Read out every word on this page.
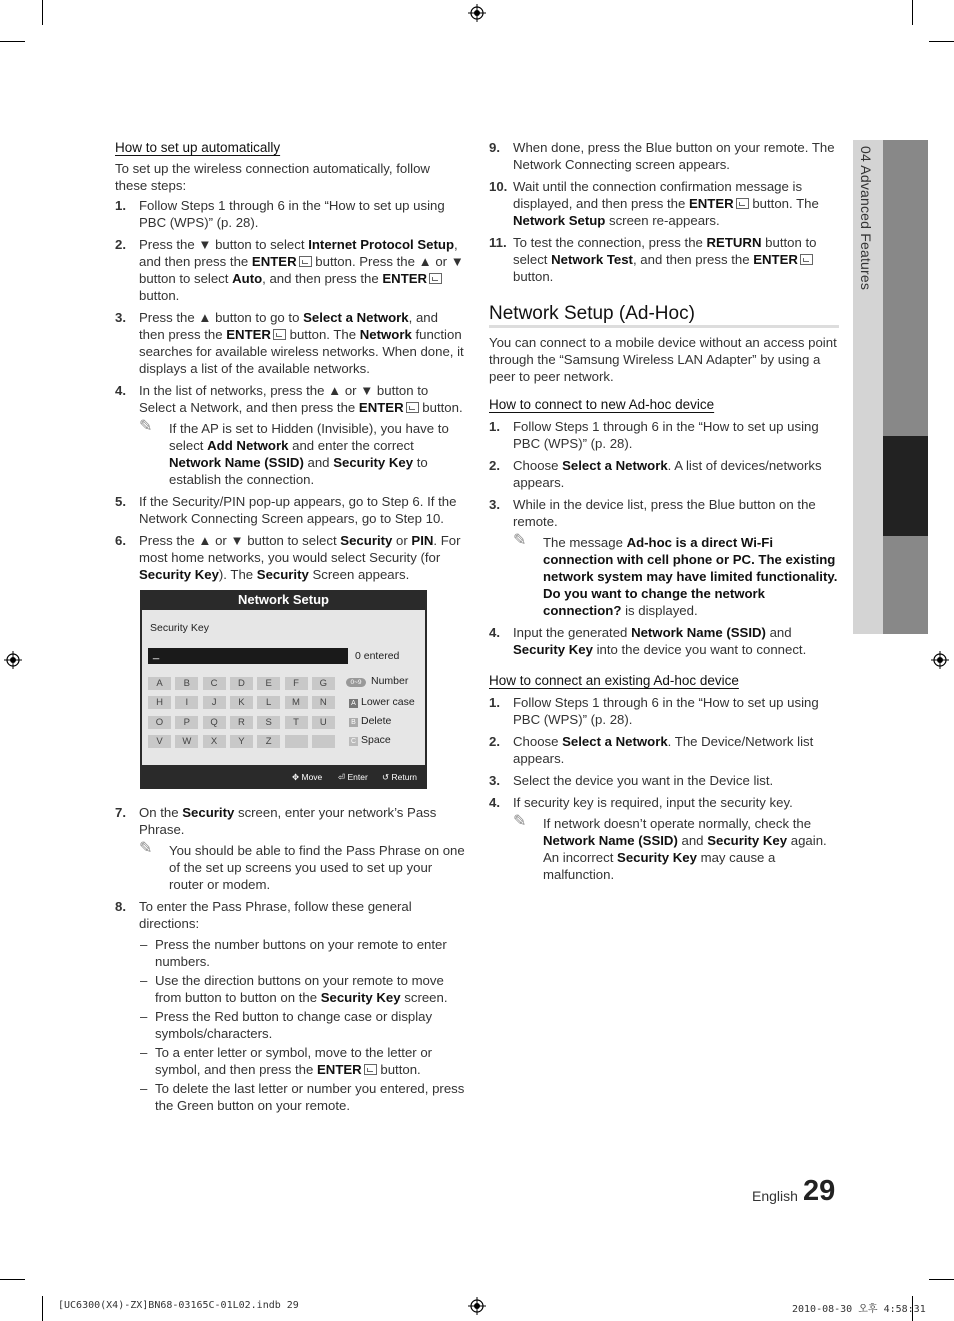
04 Advanced Features

How to set up automatically

To set up the wireless connection automatically, follow these steps:

1. Follow Steps 1 through 6 in the “How to set up using PBC (WPS)” (p. 28).
2. Press the ▼ button to select Internet Protocol Setup, and then press the ENTER button. Press the ▲ or ▼ button to select Auto, and then press the ENTER button.
3. Press the ▲ button to go to Select a Network, and then press the ENTER button. The Network function searches for available wireless networks. When done, it displays a list of the available networks.
4. In the list of networks, press the ▲ or ▼ button to Select a Network, and then press the ENTER button.
✎ If the AP is set to Hidden (Invisible), you have to select Add Network and enter the correct Network Name (SSID) and Security Key to establish the connection.
5. If the Security/PIN pop-up appears, go to Step 6. If the Network Connecting Screen appears, go to Step 10.
6. Press the ▲ or ▼ button to select Security or PIN. For most home networks, you would select Security (for Security Key). The Security Screen appears.
Network Setup
Security Key
_	0 entered
A	B	C	D	E	F	G
H	I	J	K	L	M	N
O	P	Q	R	S	T	U
V	W	X	Y	Z
0~9 Number
A Lower case
B Delete
C Space
✥ Move ⏎ Enter ↺ Return
7. On the Security screen, enter your network’s Pass Phrase.
✎ You should be able to find the Pass Phrase on one of the set up screens you used to set up your router or modem.
8. To enter the Pass Phrase, follow these general directions:
– Press the number buttons on your remote to enter numbers.
– Use the direction buttons on your remote to move from button to button on the Security Key screen.
– Press the Red button to change case or display symbols/characters.
– To a enter letter or symbol, move to the letter or symbol, and then press the ENTER button.
– To delete the last letter or number you entered, press the Green button on your remote.
9. When done, press the Blue button on your remote. The Network Connecting screen appears.
10. Wait until the connection confirmation message is displayed, and then press the ENTER button. The Network Setup screen re-appears.
11. To test the connection, press the RETURN button to select Network Test, and then press the ENTER button.

Network Setup (Ad-Hoc)

You can connect to a mobile device without an access point through the “Samsung Wireless LAN Adapter” by using a peer to peer network.

How to connect to new Ad-hoc device

1. Follow Steps 1 through 6 in the “How to set up using PBC (WPS)” (p. 28).
2. Choose Select a Network. A list of devices/networks appears.
3. While in the device list, press the Blue button on the remote.
✎ The message Ad-hoc is a direct Wi-Fi connection with cell phone or PC. The existing network system may have limited functionality. Do you want to change the network connection? is displayed.
4. Input the generated Network Name (SSID) and Security Key into the device you want to connect.

How to connect an existing Ad-hoc device

1. Follow Steps 1 through 6 in the “How to set up using PBC (WPS)” (p. 28).
2. Choose Select a Network. The Device/Network list appears.
3. Select the device you want in the Device list.
4. If security key is required, input the security key.
✎ If network doesn’t operate normally, check the Network Name (SSID) and Security Key again. An incorrect Security Key may cause a malfunction.
English 29
[UC6300(X4)-ZX]BN68-03165C-01L02.indb 29	2010-08-30 오후 4:58:31
